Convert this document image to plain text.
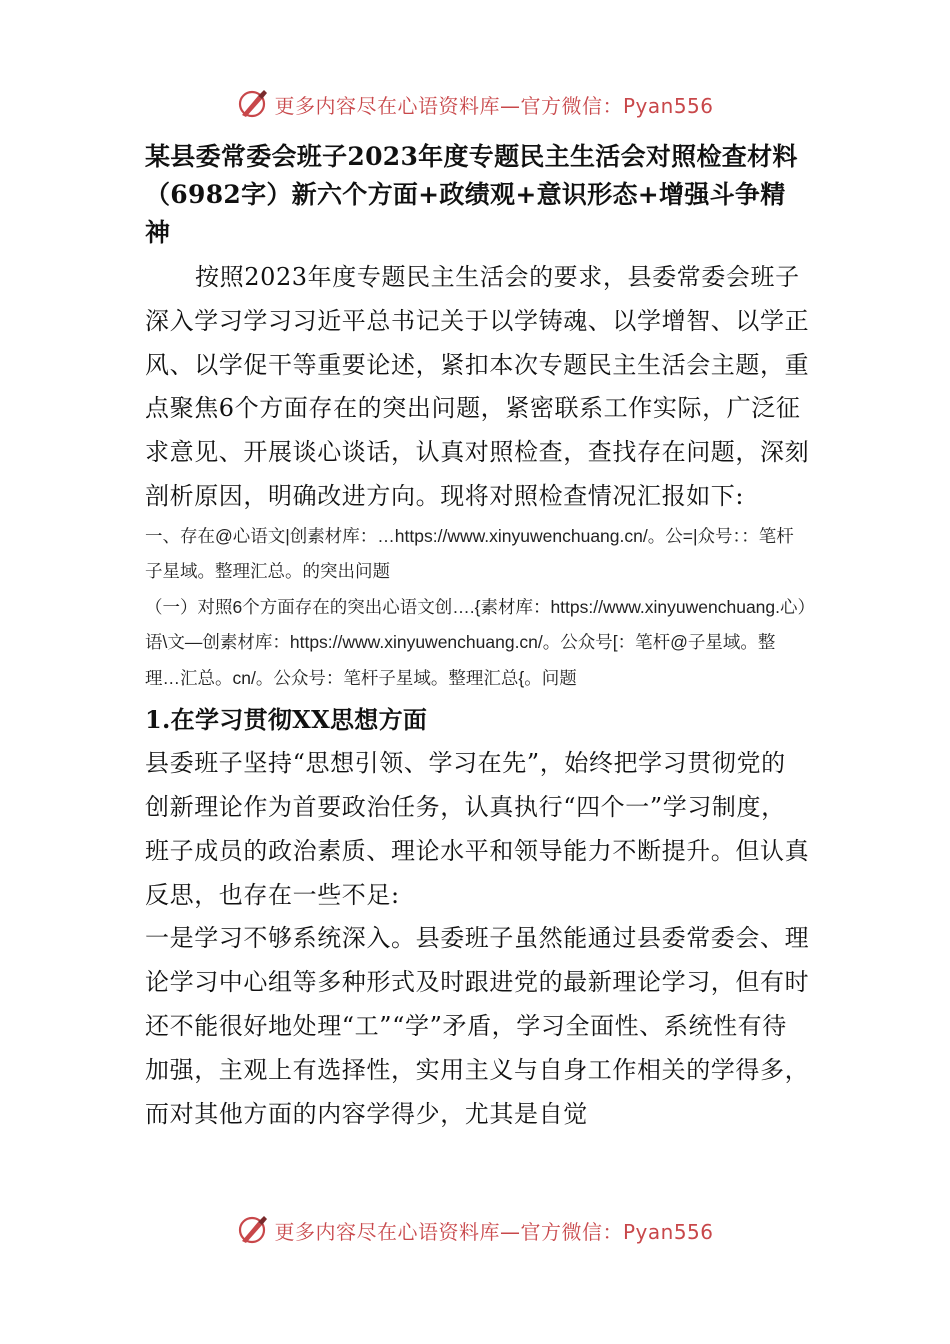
更多内容尽在心语资料库—官方微信：Pyan556
某县委常委会班子2023年度专题民主生活会对照检查材料（6982字）新六个方面+政绩观+意识形态+增强斗争精神

按照2023年度专题民主生活会的要求，县委常委会班子深入学习学习习近平总书记关于以学铸魂、以学增智、以学正风、以学促干等重要论述，紧扣本次专题民主生活会主题，重点聚焦6个方面存在的突出问题，紧密联系工作实际，广泛征求意见、开展谈心谈话，认真对照检查，查找存在问题，深刻剖析原因，明确改进方向。现将对照检查情况汇报如下:

一、存在@心语文|创素材库：…https://www.xinyuwenchuang.cn/。公=|众号：：笔杆子星域。整理汇总。的突出问题

（一）对照6个方面存在的突出心语文创….{素材库：https://www.xinyuwenchuang.心）语\文—创素材库：https://www.xinyuwenchuang.cn/。公众号[：笔杆@子星域。整理…汇总。cn/。公众号：笔杆子星域。整理汇总{。问题

1.在学习贯彻XX思想方面

县委班子坚持“思想引领、学习在先”，始终把学习贯彻党的创新理论作为首要政治任务，认真执行“四个一”学习制度，班子成员的政治素质、理论水平和领导能力不断提升。但认真反思，也存在一些不足:

一是学习不够系统深入。县委班子虽然能通过县委常委会、理论学习中心组等多种形式及时跟进党的最新理论学习，但有时还不能很好地处理“工”“学”矛盾，学习全面性、系统性有待加强，主观上有选择性，实用主义与自身工作相关的学得多，而对其他方面的内容学得少，尤其是自觉

更多内容尽在心语资料库—官方微信：Pyan556
